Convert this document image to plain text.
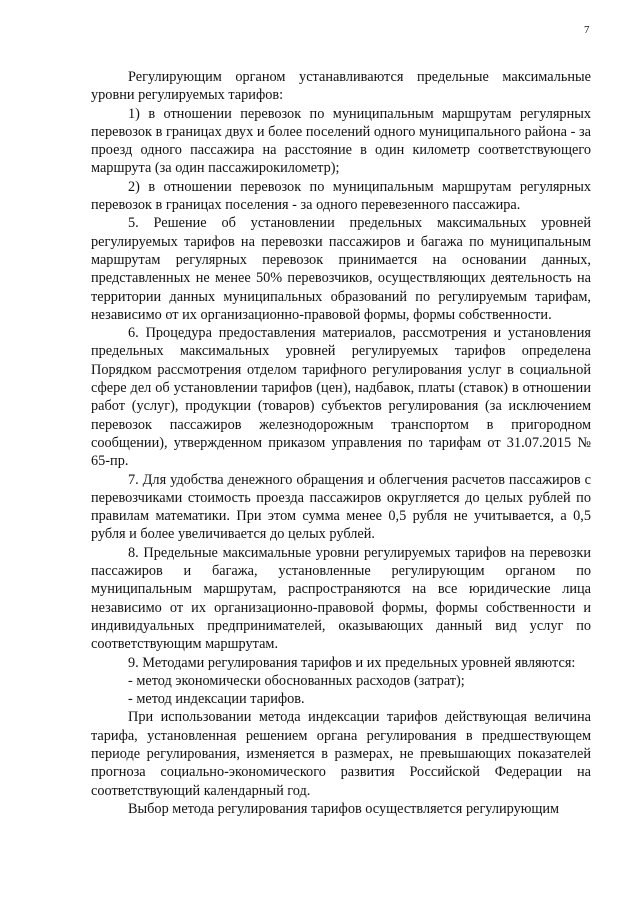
7

Регулирующим органом устанавливаются предельные максимальные уровни регулируемых тарифов:

1) в отношении перевозок по муниципальным маршрутам регулярных перевозок в границах двух и более поселений одного муниципального района - за проезд одного пассажира на расстояние в один километр соответствующего маршрута (за один пассажирокилометр);

2) в отношении перевозок по муниципальным маршрутам регулярных перевозок в границах поселения - за одного перевезенного пассажира.

5. Решение об установлении предельных максимальных уровней регулируемых тарифов на перевозки пассажиров и багажа по муниципальным маршрутам регулярных перевозок принимается на основании данных, представленных не менее 50% перевозчиков, осуществляющих деятельность на территории данных муниципальных образований по регулируемым тарифам, независимо от их организационно-правовой формы, формы собственности.

6. Процедура предоставления материалов, рассмотрения и установления предельных максимальных уровней регулируемых тарифов определена Порядком рассмотрения отделом тарифного регулирования услуг в социальной сфере дел об установлении тарифов (цен), надбавок, платы (ставок) в отношении работ (услуг), продукции (товаров) субъектов регулирования (за исключением перевозок пассажиров железнодорожным транспортом в пригородном сообщении), утвержденном приказом управления по тарифам от 31.07.2015 № 65-пр.

7. Для удобства денежного обращения и облегчения расчетов пассажиров с перевозчиками стоимость проезда пассажиров округляется до целых рублей по правилам математики. При этом сумма менее 0,5 рубля не учитывается, а 0,5 рубля и более увеличивается до целых рублей.

8. Предельные максимальные уровни регулируемых тарифов на перевозки пассажиров и багажа, установленные регулирующим органом по муниципальным маршрутам, распространяются на все юридические лица независимо от их организационно-правовой формы, формы собственности и индивидуальных предпринимателей, оказывающих данный вид услуг по соответствующим маршрутам.

9. Методами регулирования тарифов и их предельных уровней являются:

- метод экономически обоснованных расходов (затрат);

- метод индексации тарифов.

При использовании метода индексации тарифов действующая величина тарифа, установленная решением органа регулирования в предшествующем периоде регулирования, изменяется в размерах, не превышающих показателей прогноза социально-экономического развития Российской Федерации на соответствующий календарный год.

Выбор метода регулирования тарифов осуществляется регулирующим
